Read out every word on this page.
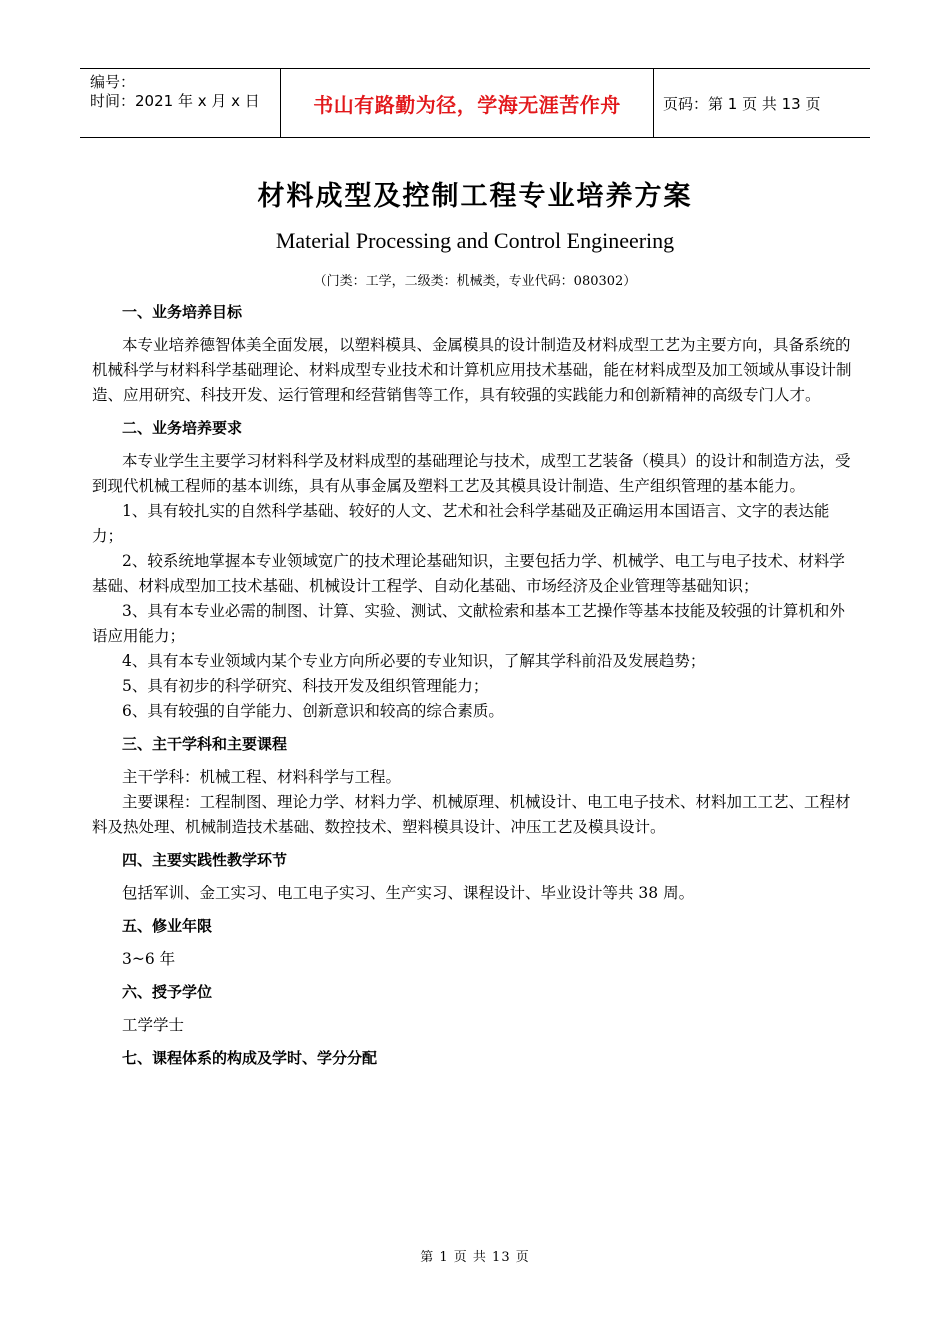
编号：
时间：2021 年 x 月 x 日	书山有路勤为径，学海无涯苦作舟	页码：第 1 页 共 13 页
材料成型及控制工程专业培养方案
Material Processing and Control Engineering
（门类：工学，二级类：机械类，专业代码：080302）

一、业务培养目标

本专业培养德智体美全面发展，以塑料模具、金属模具的设计制造及材料成型工艺为主要方向，具备系统的机械科学与材料科学基础理论、材料成型专业技术和计算机应用技术基础，能在材料成型及加工领域从事设计制造、应用研究、科技开发、运行管理和经营销售等工作，具有较强的实践能力和创新精神的高级专门人才。

二、业务培养要求

本专业学生主要学习材料科学及材料成型的基础理论与技术，成型工艺装备（模具）的设计和制造方法，受到现代机械工程师的基本训练，具有从事金属及塑料工艺及其模具设计制造、生产组织管理的基本能力。

1、具有较扎实的自然科学基础、较好的人文、艺术和社会科学基础及正确运用本国语言、文字的表达能力；

2、较系统地掌握本专业领域宽广的技术理论基础知识，主要包括力学、机械学、电工与电子技术、材料学基础、材料成型加工技术基础、机械设计工程学、自动化基础、市场经济及企业管理等基础知识；

3、具有本专业必需的制图、计算、实验、测试、文献检索和基本工艺操作等基本技能及较强的计算机和外语应用能力；

4、具有本专业领域内某个专业方向所必要的专业知识，了解其学科前沿及发展趋势；

5、具有初步的科学研究、科技开发及组织管理能力；

6、具有较强的自学能力、创新意识和较高的综合素质。

三、主干学科和主要课程

主干学科：机械工程、材料科学与工程。

主要课程：工程制图、理论力学、材料力学、机械原理、机械设计、电工电子技术、材料加工工艺、工程材料及热处理、机械制造技术基础、数控技术、塑料模具设计、冲压工艺及模具设计。

四、主要实践性教学环节

包括军训、金工实习、电工电子实习、生产实习、课程设计、毕业设计等共 38 周。

五、修业年限

3~6 年

六、授予学位

工学学士

七、课程体系的构成及学时、学分分配

第 1 页 共 13 页
